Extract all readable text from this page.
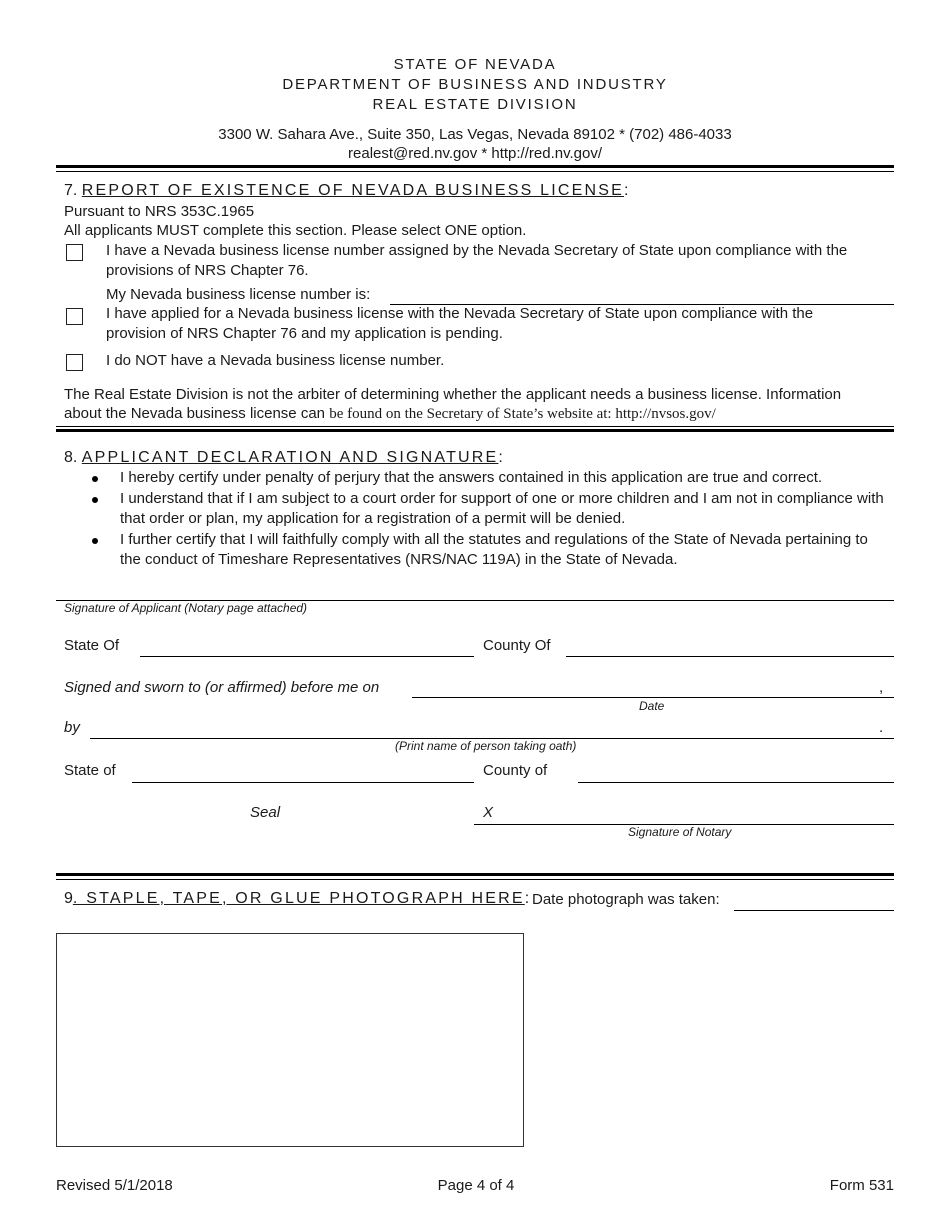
STATE OF NEVADA
DEPARTMENT OF BUSINESS AND INDUSTRY
REAL ESTATE DIVISION
3300 W. Sahara Ave., Suite 350, Las Vegas, Nevada 89102 * (702) 486-4033
realest@red.nv.gov * http://red.nv.gov/
7. REPORT OF EXISTENCE OF NEVADA BUSINESS LICENSE:
Pursuant to NRS 353C.1965
All applicants MUST complete this section. Please select ONE option.
I have a Nevada business license number assigned by the Nevada Secretary of State upon compliance with the
provisions of NRS Chapter 76.
My Nevada business license number is:
I have applied for a Nevada business license with the Nevada Secretary of State upon compliance with the
provision of NRS Chapter 76 and my application is pending.
I do NOT have a Nevada business license number.
The Real Estate Division is not the arbiter of determining whether the applicant needs a business license. Information
about the Nevada business license can be found on the Secretary of State’s website at: http://nvsos.gov/
8. APPLICANT DECLARATION AND SIGNATURE:
I hereby certify under penalty of perjury that the answers contained in this application are true and correct.
I understand that if I am subject to a court order for support of one or more children and I am not in compliance with that order or plan, my application for a registration of a permit will be denied.
I further certify that I will faithfully comply with all the statutes and regulations of the State of Nevada pertaining to the conduct of Timeshare Representatives (NRS/NAC 119A) in the State of Nevada.
Signature of Applicant (Notary page attached)
State Of	County Of
Signed and sworn to (or affirmed) before me on	,
Date
by	.
(Print name of person taking oath)
State of	County of
Seal	X
Signature of Notary
9. STAPLE, TAPE, OR GLUE PHOTOGRAPH HERE: Date photograph was taken:
Revised 5/1/2018	Page 4 of 4	Form 531
